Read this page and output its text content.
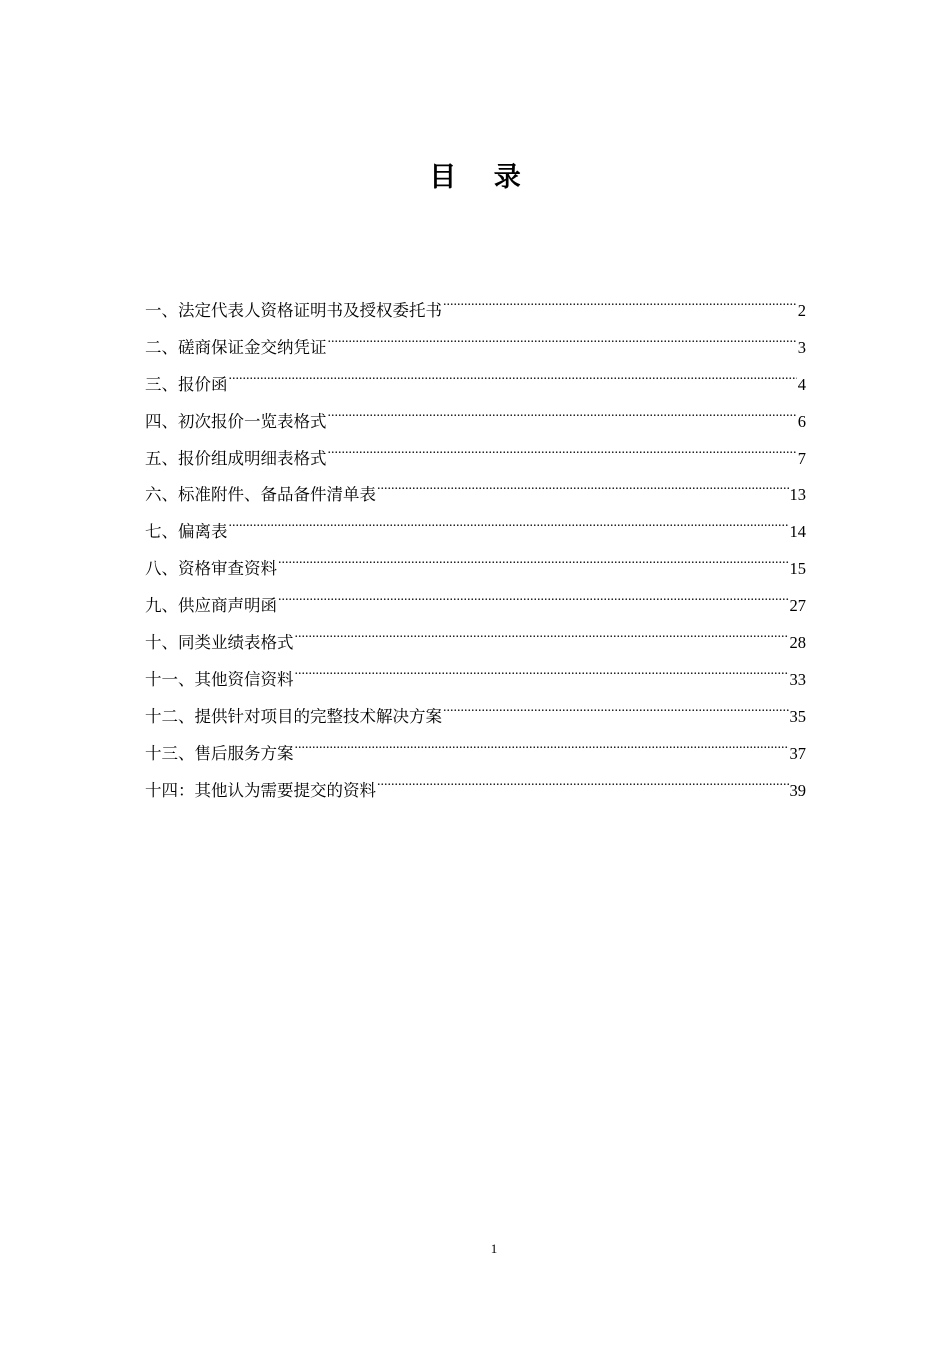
目 录
一、法定代表人资格证明书及授权委托书 .....	2
二、磋商保证金交纳凭证 .....	3
三、报价函 .....	4
四、初次报价一览表格式 .....	6
五、报价组成明细表格式 .....	7
六、标准附件、备品备件清单表 .....	13
七、偏离表 .....	14
八、资格审查资料 .....	15
九、供应商声明函 .....	27
十、同类业绩表格式 .....	28
十一、其他资信资料 .....	33
十二、提供针对项目的完整技术解决方案 .....	35
十三、售后服务方案 .....	37
十四：其他认为需要提交的资料 .....	39
1
